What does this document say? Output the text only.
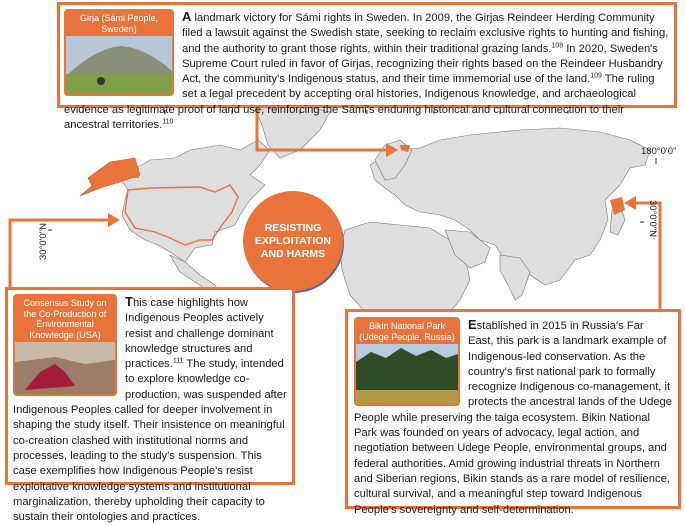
30°0'0"N
30°0'0"N
180°0'0"
RESISTING
EXPLOITATION
AND HARMS
Girja (Sámi People, Sweden)

A landmark victory for Sámi rights in Sweden. In 2009, the Girjas Reindeer Herding Community filed a lawsuit against the Swedish state, seeking to reclaim exclusive rights to hunting and fishing, and the authority to grant those rights, within their traditional grazing lands.$^{108}$ In 2020, Sweden's Supreme Court ruled in favor of Girjas, recognizing their rights based on the Reindeer Husbandry Act, the community's Indigenous status, and their time immemorial use of the land.$^{109}$ The ruling set a legal precedent by accepting oral histories, Indigenous knowledge, and archaeological evidence as legitimate proof of land use, reinforcing the Sámi's enduring historical and cultural connection to their ancestral territories.$^{110}$

Consensus Study on the Co-Production of Environmental Knowledge (USA)

This case highlights how Indigenous Peoples actively resist and challenge dominant knowledge structures and practices.$^{111}$ The study, intended to explore knowledge co-production, was suspended after Indigenous Peoples called for deeper involvement in shaping the study itself. Their insistence on meaningful co-creation clashed with institutional norms and processes, leading to the study's suspension. This case exemplifies how Indigenous People's resist exploitative knowledge systems and institutional marginalization, thereby upholding their capacity to sustain their ontologies and practices.

Bikin National Park (Udege People, Russia)

Established in 2015 in Russia's Far East, this park is a landmark example of Indigenous-led conservation. As the country's first national park to formally recognize Indigenous co-management, it protects the ancestral lands of the Udege People while preserving the taiga ecosystem. Bikin National Park was founded on years of advocacy, legal action, and negotiation between Udege People, environmental groups, and federal authorities. Amid growing industrial threats in Northern and Siberian regions, Bikin stands as a rare model of resilience, cultural survival, and a meaningful step toward Indigenous People's sovereignty and self-determination.
